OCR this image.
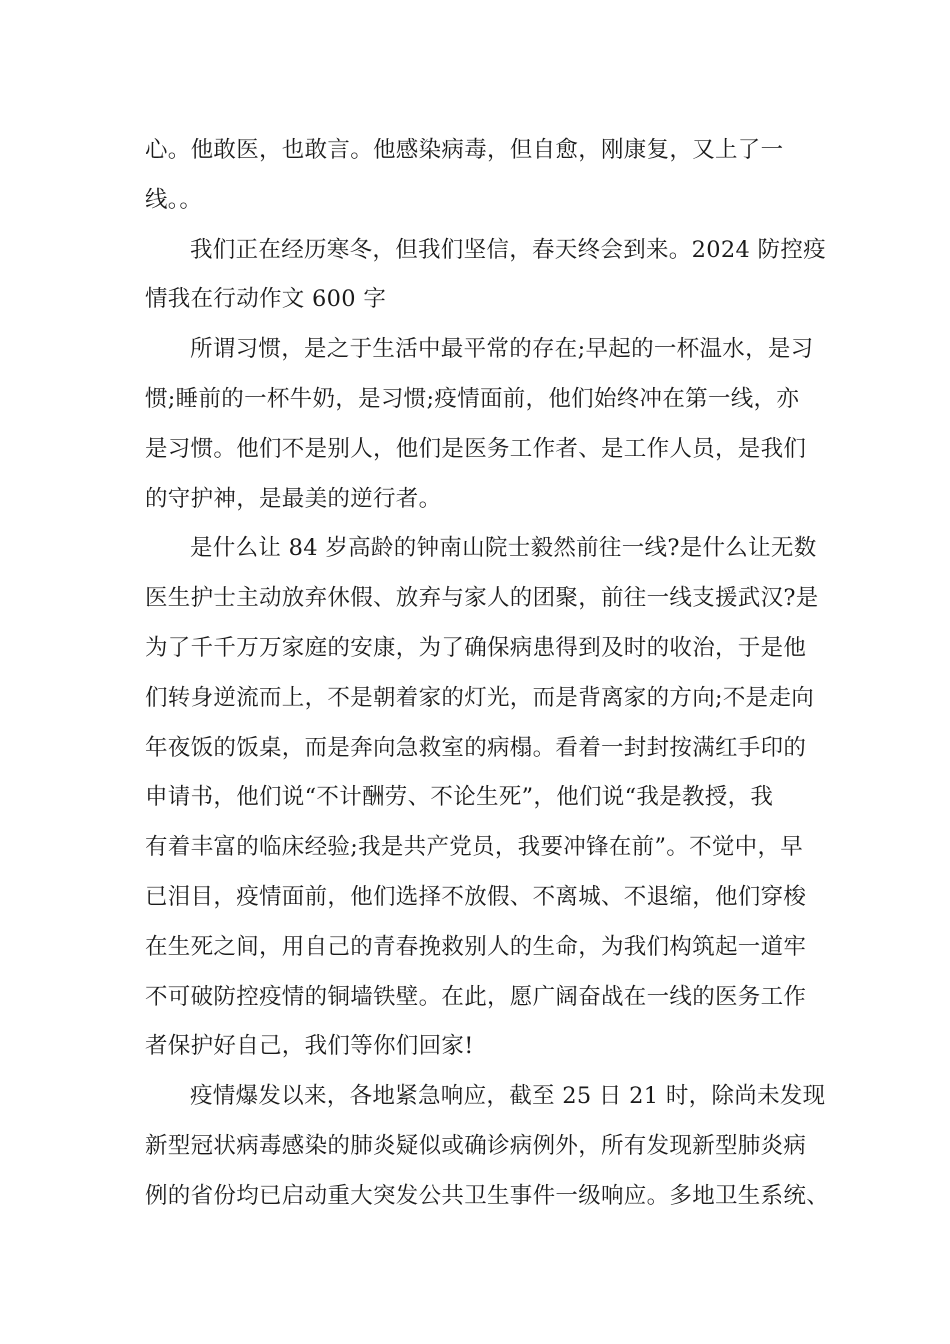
心。他敢医，也敢言。他感染病毒，但自愈，刚康复，又上了一
线。。

我们正在经历寒冬，但我们坚信，春天终会到来。2024 防控疫
情我在行动作文 600 字

所谓习惯，是之于生活中最平常的存在;早起的一杯温水，是习
惯;睡前的一杯牛奶，是习惯;疫情面前，他们始终冲在第一线，亦
是习惯。他们不是别人，他们是医务工作者、是工作人员，是我们
的守护神，是最美的逆行者。

是什么让 84 岁高龄的钟南山院士毅然前往一线?是什么让无数
医生护士主动放弃休假、放弃与家人的团聚，前往一线支援武汉?是
为了千千万万家庭的安康，为了确保病患得到及时的收治，于是他
们转身逆流而上，不是朝着家的灯光，而是背离家的方向;不是走向
年夜饭的饭桌，而是奔向急救室的病榻。看着一封封按满红手印的
申请书，他们说“不计酬劳、不论生死”，他们说“我是教授，我
有着丰富的临床经验;我是共产党员，我要冲锋在前”。不觉中，早
已泪目，疫情面前，他们选择不放假、不离城、不退缩，他们穿梭
在生死之间，用自己的青春挽救别人的生命，为我们构筑起一道牢
不可破防控疫情的铜墙铁壁。在此，愿广阔奋战在一线的医务工作
者保护好自己，我们等你们回家!

疫情爆发以来，各地紧急响应，截至 25 日 21 时，除尚未发现
新型冠状病毒感染的肺炎疑似或确诊病例外，所有发现新型肺炎病
例的省份均已启动重大突发公共卫生事件一级响应。多地卫生系统、
